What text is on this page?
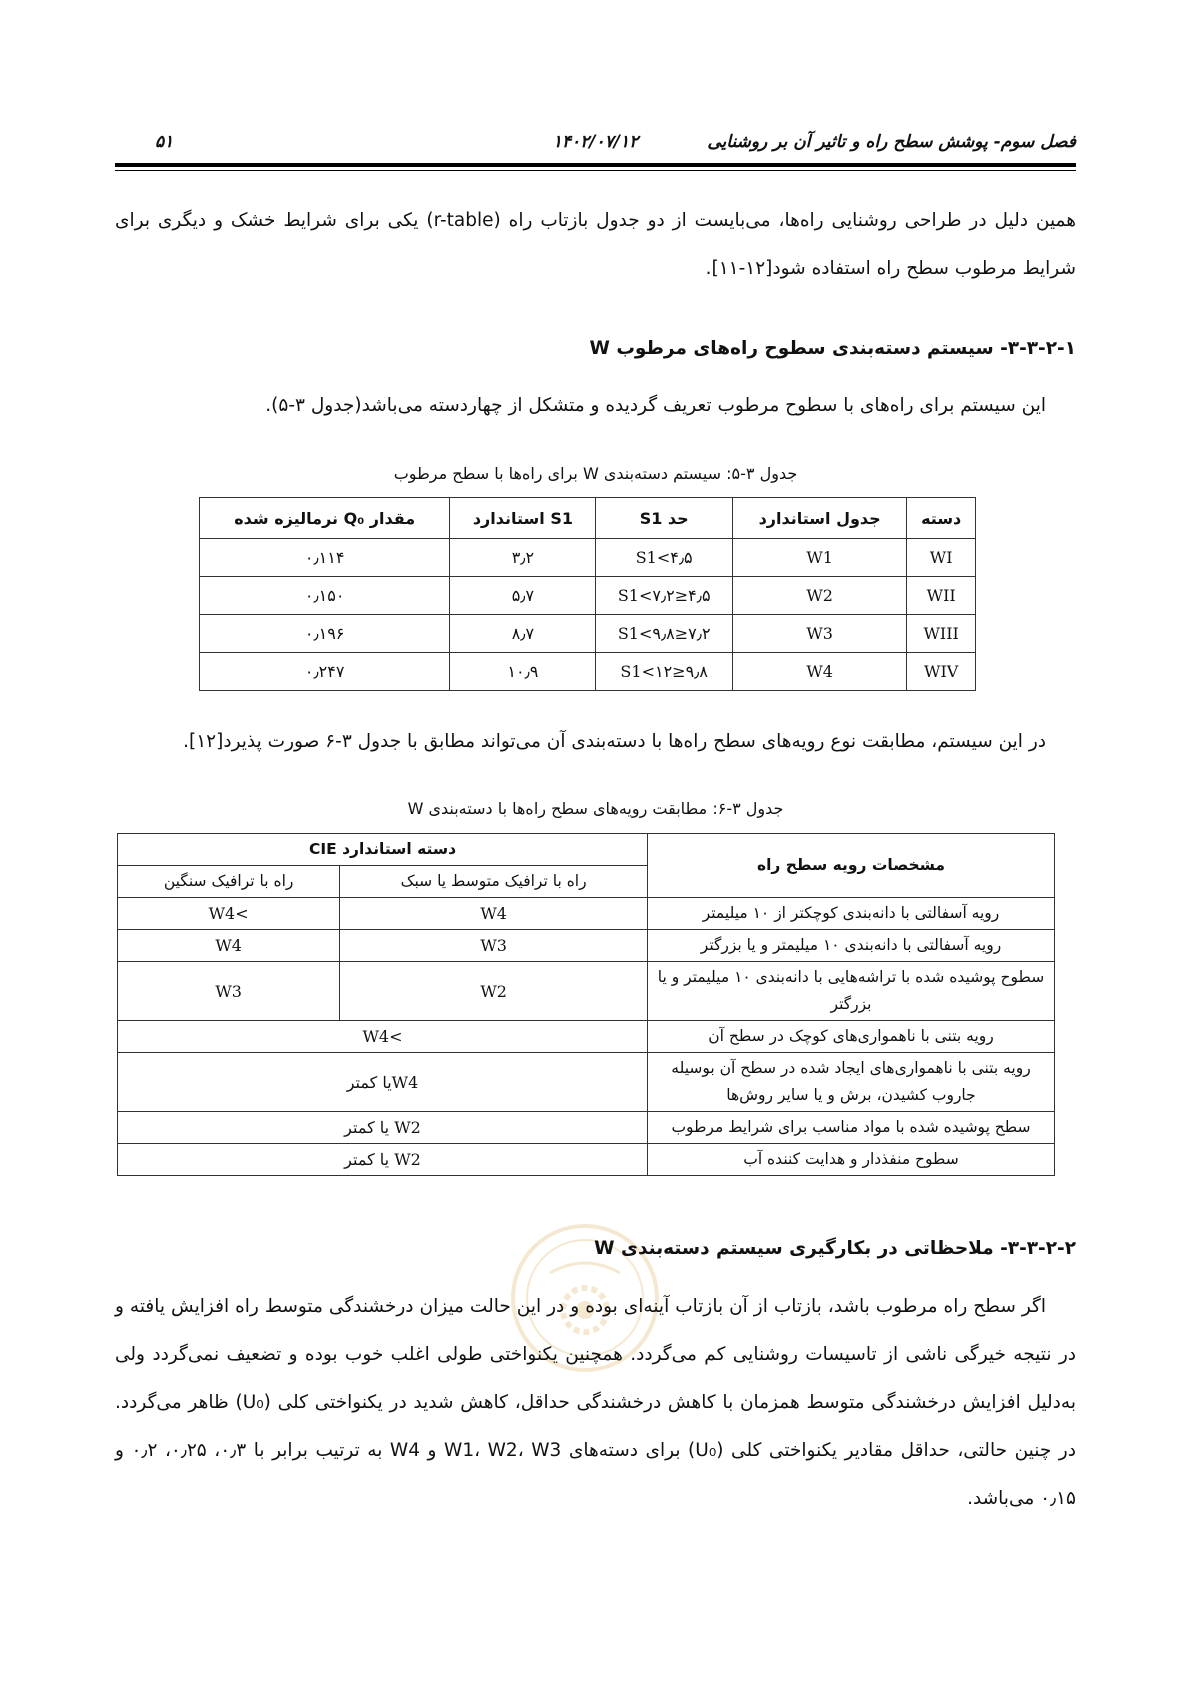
فصل سوم- پوشش سطح راه و تاثیر آن بر روشنایی
۱۴۰۲/۰۷/۱۲
۵۱

همین دلیل در طراحی روشنایی راه‌ها، می‌بایست از دو جدول بازتاب راه (r-table) یکی برای شرایط خشک و دیگری برای شرایط مرطوب سطح راه استفاده شود[۱۲-۱۱].

۳-۳-۲-۱- سیستم دسته‌بندی سطوح راه‌های مرطوب W

این سیستم برای راه‌های با سطوح مرطوب تعریف گردیده و متشکل از چهاردسته می‌باشد(جدول ۳-۵).

جدول ۳-۵: سیستم دسته‌بندی W برای راه‌ها با سطح مرطوب
دسته	جدول استاندارد	حد S1	S1 استاندارد	مقدار Q₀ نرمالیزه شده
WI	W1	S1<۴٫۵	۳٫۲	۰٫۱۱۴
WII	W2	۴٫۵≤S1<۷٫۲	۵٫۷	۰٫۱۵۰
WIII	W3	۷٫۲≤S1<۹٫۸	۸٫۷	۰٫۱۹۶
WIV	W4	۹٫۸≤S1<۱۲	۱۰٫۹	۰٫۲۴۷

در این سیستم، مطابقت نوع رویه‌های سطح راه‌ها با دسته‌بندی آن می‌تواند مطابق با جدول ۳-۶ صورت پذیرد[۱۲].

جدول ۳-۶: مطابقت رویه‌های سطح راه‌ها با دسته‌بندی W
مشخصات رویه سطح راه	دسته استاندارد CIE	
	راه با ترافیک متوسط یا سبک	راه با ترافیک سنگین
رویه آسفالتی با دانه‌بندی کوچکتر از ۱۰ میلیمتر	W4	>W4
رویه آسفالتی با دانه‌بندی ۱۰ میلیمتر و یا بزرگتر	W3	W4
سطوح پوشیده شده با تراشه‌هایی با دانه‌بندی ۱۰ میلیمتر و یا بزرگتر	W2	W3
رویه بتنی با ناهمواری‌های کوچک در سطح آن	>W4	
رویه بتنی با ناهمواری‌های ایجاد شده در سطح آن بوسیله جاروب کشیدن، برش و یا سایر روش‌ها	W4یا کمتر	
سطح پوشیده شده با مواد مناسب برای شرایط مرطوب	W2 یا کمتر	
سطوح منفذدار و هدایت کننده آب	W2 یا کمتر	
۳-۳-۲-۲- ملاحظاتی در بکارگیری سیستم دسته‌بندی W

اگر سطح راه مرطوب باشد، بازتاب از آن بازتاب آینه‌ای بوده و در این حالت میزان درخشندگی متوسط راه افزایش یافته و در نتیجه خیرگی ناشی از تاسیسات روشنایی کم می‌گردد. همچنین یکنواختی طولی اغلب خوب بوده و تضعیف نمی‌گردد ولی به‌دلیل افزایش درخشندگی متوسط همزمان با کاهش درخشندگی حداقل، کاهش شدید در یکنواختی کلی (U₀) ظاهر می‌گردد. در چنین حالتی، حداقل مقادیر یکنواختی کلی (U₀) برای دسته‌های W1، W2، W3 و W4 به ترتیب برابر با ۰٫۳، ۰٫۲۵، ۰٫۲ و ۰٫۱۵ می‌باشد.
